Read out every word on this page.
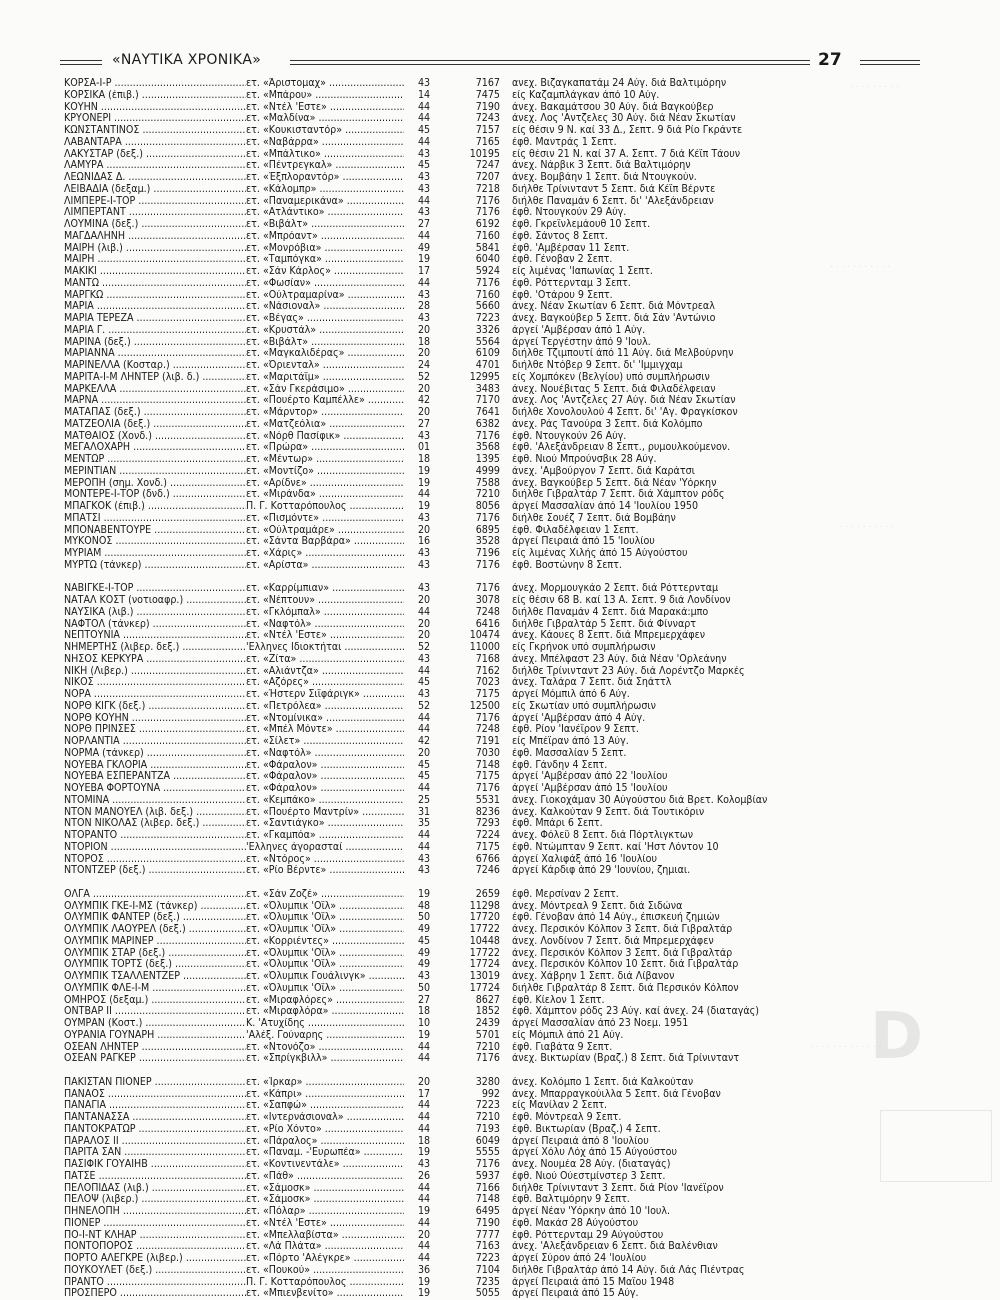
. . . . . . . . .
. . . . . . . . . . .
. . . . . . . . . .
D
. . . . . . . . . . . . .
«ΝΑΥΤΙΚΑ ΧΡΟΝΙΚΑ»	27
ΚΟΡΣΑ-Ι-Ρ .....	ετ. «Άριστομαχ» .....	43	7167 ανεχ. Βιζαγκαπατάμ 24 Αύγ. διά Βαλτιμόρην
ΚΟΡΣΙΚΑ (έπιβ.) .....	ετ. «Μπάρου» .....	14	7475 είς Καζαμπλάγκαν άπό 10 Αύγ.
ΚΟΥΗΝ .....	ετ. «Ντέλ 'Εστε» .....	44	7190 άνεχ. Βακαμάτσου 30 Αύγ. διά Βαγκούβερ
ΚΡΥΟΝΕΡΙ .....	ετ. «Μαλδίνα» .....	44	7243 άνεχ. Λος 'Αντζελες 30 Αύγ. διά Νέαν Σκωτίαν
ΚΩΝΣΤΑΝΤΙΝΟΣ .....	ετ. «Κουκισταντόρ» .....	45	7157 είς θέσιν 9 Ν. καί 33 Δ., Σεπτ. 9 διά Ρίο Γκράντε
ΛΑΒΑΝΤΑΡΑ .....	ετ. «Ναβάρρα» .....	44	7165 έφθ. Μαντράς 1 Σεπτ.
ΛΑΚΥΣΤΑΡ (δεξ.) .....	ετ. «Μπάλτικο» .....	43	10195 είς θέσιν 21 Ν. καί 37 Α. Σεπτ. 7 διά Κέϊπ Τάουν
ΛΑΜΥΡΑ .....	ετ. «Πέντρεγκαλ» .....	45	7247 άνεχ. Νάρβικ 3 Σεπτ. διά Βαλτιμόρην
ΛΕΩΝΙΔΑΣ Δ. .....	ετ. «Έξπλοραντόρ» .....	43	7207 άνεχ. Βομβάην 1 Σεπτ. διά Ντουγκούν.
ΛΕΙΒΑΔΙΑ (δεξαμ.) .....	ετ. «Κάλομπρ» .....	43	7218 διήλθε Τρίνινταντ 5 Σεπτ. διά Κέϊπ Βέρντε
ΛΙΜΠΕΡΕ-Ι-ΤΟΡ .....	ετ. «Παναμερικάνα» .....	44	7176 διήλθε Παναμάν 6 Σεπτ. δι' 'Αλεξάνδρειαν
ΛΙΜΠΕΡΤΑΝΤ .....	ετ. «Ατλάντικο» .....	43	7176 έφθ. Ντουγκούν 29 Αύγ.
ΛΟΥΜΙΝΑ (δεξ.) .....	ετ. «Βιβάλτ» .....	27	6192 έφθ. Γκρεϊνλεμάουθ 10 Σεπτ.
ΜΑΓΔΑΛΗΝΗ .....	ετ. «Μπρόαντ» .....	44	7160 έφθ. Σάντος 8 Σεπτ.
ΜΑΙΡΗ (λιβ.) .....	ετ. «Μονρόβια» .....	49	5841 έφθ. 'Αμβέρσαν 11 Σεπτ.
ΜΑΙΡΗ .....	ετ. «Ταμπόγκα» .....	19	6040 έφθ. Γένοβαν 2 Σεπτ.
ΜΑΚΙΚΙ .....	ετ. «Σάν Κάρλος» .....	17	5924 είς λιμένας 'Ιαπωνίας 1 Σεπτ.
ΜΑΝΤΩ .....	ετ. «Φωσίαν» .....	44	7176 έφθ. Ρόττερνταμ 3 Σεπτ.
ΜΑΡΓΚΩ .....	ετ. «Ούλτραμαρίνα» .....	43	7160 έφθ. 'Οτάρου 9 Σεπτ.
ΜΑΡΙΑ .....	ετ. «Νάσιοναλ» .....	28	5660 άνεχ. Νέαν Σκωτίαν 6 Σεπτ. διά Μόντρεαλ
ΜΑΡΙΑ ΤΕΡΕΖΑ .....	ετ. «Βέγας» .....	43	7223 άνεχ. Βαγκούβερ 5 Σεπτ. διά Σάν 'Αντώνιο
ΜΑΡΙΑ Γ. .....	ετ. «Κρυστάλ» .....	20	3326 άργεί 'Αμβέρσαν άπό 1 Αύγ.
ΜΑΡΙΝΑ (δεξ.) .....	ετ. «Βιβάλτ» .....	18	5564 άργεί Τεργέστην άπό 9 'Ιουλ.
ΜΑΡΙΑΝΝΑ .....	ετ. «Μαγκαλιδέρας» .....	20	6109 διήλθε Τζιμπουτί άπό 11 Αύγ. διά Μελβούρνην
ΜΑΡΙΝΕΛΛΑ (Κοσταρ.) .....	ετ. «Όριενταλ» .....	24	4701 διήλθε Ντόβερ 9 Σεπτ. δι' 'Ιμμιγχαμ
ΜΑΡΙΤΑ-Ι-Μ ΛΗΝΤΕΡ (λιβ. δ.) .....	ετ. «Μαριτάϊμ» .....	52	12995 είς Χομπόκεν (Βελγίου) υπό συμπλήρωσιν
ΜΑΡΚΕΛΛΑ .....	ετ. «Σάν Γκεράσιμο» .....	20	3483 άνεχ. Νουέβιτας 5 Σεπτ. διά Φιλαδέλφειαν
ΜΑΡΝΑ .....	ετ. «Πουέρτο Καμπέλλε» .....	42	7170 άνεχ. Λος 'Αντζελες 27 Αύγ. διά Νέαν Σκωτίαν
ΜΑΤΑΠΑΣ (δεξ.) .....	ετ. «Μάρντορ» .....	20	7641 διήλθε Χονολουλού 4 Σεπτ. δι' 'Αγ. Φραγκίσκον
ΜΑΤΖΕΟΛΙΑ (δεξ.) .....	ετ. «Ματζεόλια» .....	27	6382 άνεχ. Ράς Τανούρα 3 Σεπτ. διά Κολόμπο
ΜΑΤΘΑΙΟΣ (Χονδ.) .....	ετ. «Νόρθ Πασίφικ» .....	43	7176 έφθ. Ντουγκούν 26 Αύγ.
ΜΕΓΑΛΟΧΑΡΗ .....	ετ. «Πρώρα» .....	01	3568 έφθ. 'Αλεξάνδρειαν 8 Σεπτ., ρυμουλκούμενον.
ΜΕΝΤΩΡ .....	ετ. «Μέντωρ» .....	18	1395 έφθ. Νιού Μπρούνσβικ 28 Αύγ.
ΜΕΡΙΝΤΙΑΝ .....	ετ. «Μοντίζο» .....	19	4999 άνεχ. 'Αμβούργον 7 Σεπτ. διά Καράτσι
ΜΕΡΟΠΗ (σημ. Χονδ.) .....	ετ. «Αρίδνε» .....	19	7588 άνεχ. Βαγκούβερ 5 Σεπτ. διά Νέαν 'Υόρκην
ΜΟΝΤΕΡΕ-Ι-ΤΟΡ (δνδ.) .....	ετ. «Μιράνδα» .....	44	7210 διήλθε Γιβραλτάρ 7 Σεπτ. διά Χάμπτον ρόδς
ΜΠΑΓΚΟΚ (έπιβ.) .....	Π. Γ. Κοτταρόπουλος .....	19	8056 άργεί Μασσαλίαν άπό 14 'Ιουλίου 1950
ΜΠΑΤΣΙ .....	ετ. «Πισμόντε» .....	43	7176 διήλθε Σουέζ 7 Σεπτ. διά Βομβάην
ΜΠΟΝΑΒΕΝΤΟΥΡΕ .....	ετ. «Ούλτραμάρε» .....	20	6895 έφθ. Φιλαδέλφειαν 1 Σεπτ.
ΜΥΚΟΝΟΣ .....	ετ. «Σάντα Βαρβάρα» .....	16	3528 άργεί Πειραιά άπό 15 'Ιουλίου
ΜΥΡΙΑΜ .....	ετ. «Χάρις» .....	43	7196 είς λιμένας Χιλής άπό 15 Αύγούστου
ΜΥΡΤΩ (τάνκερ) .....	ετ. «Αρίστα» .....	43	7176 έφθ. Βοστώνην 8 Σεπτ.
ΝΑΒΙΓΚΕ-Ι-ΤΟΡ .....	ετ. «Καρρίμπιαν» .....	43	7176 άνεχ. Μορμουγκάο 2 Σεπτ. διά Ρόττερνταμ
ΝΑΤΑΛ ΚΟΣΤ (νοτιοαφρ.) .....	ετ. «Νέπτουν» .....	20	3078 είς θέσιν 68 Β. καί 13 Α. Σεπτ. 9 διά Λονδίνον
ΝΑΥΣΙΚΑ (λιβ.) .....	ετ. «Γκλόμπαλ» .....	44	7248 διήλθε Παναμάν 4 Σεπτ. διά Μαρακά:μπο
ΝΑΦΤΟΛ (τάνκερ) .....	ετ. «Ναφτόλ» .....	20	6416 διήλθε Γιβραλτάρ 5 Σεπτ. διά Φίνναρτ
ΝΕΠΤΟΥΝΙΑ .....	ετ. «Ντέλ 'Εστε» .....	20	10474 άνεχ. Κάουες 8 Σεπτ. διά Μπρεμερχάφεν
ΝΗΜΕΡΤΗΣ (λιβερ. δεξ.) .....	'Ελληνες Ιδιοκτήται .....	52	11000 είς Γκρήνοκ υπό συμπλήρωσιν
ΝΗΣΟΣ ΚΕΡΚΥΡΑ .....	ετ. «Ζίτα» .....	43	7168 άνεχ. Μπέλφαστ 23 Αύγ. διά Νέαν 'Ορλεάνην
ΝΙΚΗ (Λιβερ.) .....	ετ. «Αλιάντζα» .....	44	7162 διήλθε Τρίνινταντ 23 Αύγ. διά Λορέντζο Μαρκές
ΝΙΚΟΣ .....	ετ. «Αζόρες» .....	45	7023 άνεχ. Ταλάρα 7 Σεπτ. διά Σηάττλ
ΝΟΡΑ .....	ετ. «Ήστερν Σιϊφάριγκ» .....	43	7175 άργεί Μόμπιλ άπό 6 Αύγ.
ΝΟΡΘ ΚΙΓΚ (δεξ.) .....	ετ. «Πετρόλεα» .....	52	12500 είς Σκωτίαν υπό συμπλήρωσιν
ΝΟΡΘ ΚΟΥΗΝ .....	ετ. «Ντομίνικα» .....	44	7176 άργεί 'Αμβέρσαν άπό 4 Αύγ.
ΝΟΡΘ ΠΡΙΝΣΕΣ .....	ετ. «Μπέλ Μόντε» .....	44	7248 έφθ. Ρίον 'Ιανέϊρον 9 Σεπτ.
ΝΟΡΛΑΝΤΙΑ .....	ετ. «Σίλετ» .....	42	7191 είς Μπέϊραν άπό 13 Αύγ.
ΝΟΡΜΑ (τάνκερ) .....	ετ. «Ναφτόλ» .....	20	7030 έφθ. Μασσαλίαν 5 Σεπτ.
ΝΟΥΕΒΑ ΓΚΛΟΡΙΑ .....	ετ. «Φάραλον» .....	45	7148 έφθ. Γάνδην 4 Σεπτ.
ΝΟΥΕΒΑ ΕΣΠΕΡΑΝΤΖΑ .....	ετ. «Φάραλον» .....	45	7175 άργεί 'Αμβέρσαν άπό 22 'Ιουλίου
ΝΟΥΕΒΑ ΦΟΡΤΟΥΝΑ .....	ετ. «Φάραλον» .....	44	7176 άργεί 'Αμβέρσαν άπό 15 'Ιουλίου
ΝΤΟΜΙΝΑ .....	ετ. «Κεμπάκο» .....	25	5531 άνεχ. Γιοκοχάμαν 30 Αύγούστου διά Βρετ. Κολομβίαν
ΝΤΟΝ ΜΑΝΟΥΕΛ (λιβ. δεξ.) .....	ετ. «Πουέρτο Μαντρίν» .....	31	8236 άνεχ. Καλκούταν 9 Σεπτ. διά Τουτικόριν
ΝΤΟΝ ΝΙΚΟΛΑΣ (λιβερ. δεξ.) .....	ετ. «Σαντιάγκο» .....	35	7293 έφθ. Μπάρι 6 Σεπτ.
ΝΤΟΡΑΝΤΟ .....	ετ. «Γκαμπόα» .....	44	7224 άνεχ. Φόλεϋ 8 Σεπτ. διά Πόρτλιγκτων
ΝΤΟΡΙΟΝ .....	'Ελληνες άγορασταί .....	44	7175 έφθ. Ντώμπταν 9 Σεπτ. καί 'Ηστ Λόντον 10
ΝΤΟΡΟΣ .....	ετ. «Ντόρος» .....	43	6766 άργεί Χαλιφάξ άπό 16 'Ιουλίου
ΝΤΟΝΤΖΕΡ (δεξ.) .....	ετ. «Ρίο Βέρντε» .....	43	7246 άργεί Κάρδιφ άπό 29 'Ιουνίου, ζημιαι.
ΟΛΓΑ .....	ετ. «Σάν Ζοζέ» .....	19	2659 έφθ. Μερσίναν 2 Σεπτ.
ΟΛΥΜΠΙΚ ΓΚΕ-Ι-ΜΣ (τάνκερ) .....	ετ. «Όλυμπικ 'Οϊλ» .....	48	11298 άνεχ. Μόντρεαλ 9 Σεπτ. διά Σιδώνα
ΟΛΥΜΠΙΚ ΦΑΝΤΕΡ (δεξ.) .....	ετ. «Όλυμπικ 'Οϊλ» .....	50	17720 έφθ. Γένοβαν άπό 14 Αύγ., έπισκευή ζημιών
ΟΛΥΜΠΙΚ ΛΑΟΥΡΕΛ (δεξ.) .....	ετ. «Όλυμπικ 'Οϊλ» .....	49	17722 άνεχ. Περσικόν Κόλπον 3 Σεπτ. διά Γιβραλτάρ
ΟΛΥΜΠΙΚ ΜΑΡΙΝΕΡ .....	ετ. «Κορριέντες» .....	45	10448 άνεχ. Λονδίνον 7 Σεπτ. διά Μπρεμερχάφεν
ΟΛΥΜΠΙΚ ΣΤΑΡ (δεξ.) .....	ετ. «Όλυμπικ 'Οϊλ» .....	49	17722 άνεχ. Περσικόν Κόλπον 3 Σεπτ. διά Γιβραλτάρ
ΟΛΥΜΠΙΚ ΤΟΡΤΣ (δεξ.) .....	ετ. «Όλυμπικ 'Οϊλ» .....	49	17724 άνεχ. Περσικόν Κόλπον 10 Σεπτ. διά Γιβραλτάρ
ΟΛΥΜΠΙΚ ΤΣΑΛΛΕΝΤΖΕΡ .....	ετ. «Όλυμπικ Γουάλινγκ» .....	43	13019 άνεχ. Χάβρην 1 Σεπτ. διά Λίβανον
ΟΛΥΜΠΙΚ ΦΛΕ-Ι-Μ .....	ετ. «Όλυμπικ 'Οϊλ» .....	50	17724 διήλθε Γιβραλτάρ 8 Σεπτ. διά Περσικόν Κόλπον
ΟΜΗΡΟΣ (δεξαμ.) .....	ετ. «Μιραφλόρες» .....	27	8627 έφθ. Κίελον 1 Σεπτ.
ΟΝΤΒΑΡ ΙΙ .....	ετ. «Μιραφλόρα» .....	18	1852 έφθ. Χάμπτον ρόδς 23 Αύγ. καί άνεχ. 24 (διαταγάς)
ΟΥΜΡΑΝ (Κοστ.) .....	Κ. 'Ατυχίδης .....	10	2439 άργεί Μασσαλίαν άπό 23 Νοεμ. 1951
ΟΥΡΑΝΙΑ ΓΟΥΝΑΡΗ .....	'Αλέξ. Γούναρης .....	19	5701 είς Μόμπιλ άπό 21 Αύγ.
ΟΣΕΑΝ ΛΗΝΤΕΡ .....	ετ. «Ντονόζο» .....	44	7210 έφθ. Γιαβάτα 9 Σεπτ.
ΟΣΕΑΝ ΡΑΓΚΕΡ .....	ετ. «Σπρίγκβιλλ» .....	44	7176 άνεχ. Βικτωρίαν (Βραζ.) 8 Σεπτ. διά Τρίνινταντ
ΠΑΚΙΣΤΑΝ ΠΙΟΝΕΡ .....	ετ. «Ίρκαρ» .....	20	3280 άνεχ. Κολόμπο 1 Σεπτ. διά Καλκούταν
ΠΑΝΑΟΣ .....	ετ. «Κάπρι» .....	17	992 άνεχ. Μπαρραγκούιλλα 5 Σεπτ. διά Γένοβαν
ΠΑΝΑΓΙΑ .....	ετ. «Σαπφώ» .....	44	7223 είς Μανίλαν 2 Σεπτ.
ΠΑΝΤΑΝΑΣΣΑ .....	ετ. «Ιντερνάσιοναλ» .....	44	7210 έφθ. Μόντρεαλ 9 Σεπτ.
ΠΑΝΤΟΚΡΑΤΩΡ .....	ετ. «Ρίο Χόντο» .....	44	7193 έφθ. Βικτωρίαν (Βραζ.) 4 Σεπτ.
ΠΑΡΑΛΟΣ ΙΙ .....	ετ. «Πάραλος» .....	18	6049 άργεί Πειραιά άπό 8 'Ιουλίου
ΠΑΡΙΤΑ ΣΑΝ .....	ετ. «Παναμ. -'Ευρωπέα» .....	19	5555 άργεί Χόλυ Λόχ άπό 15 Αύγούστου
ΠΑΣΙΦΙΚ ΓΟΥΑΙΗΒ .....	ετ. «Κοντινεντάλε» .....	43	7176 άνεχ. Νουμέα 28 Αύγ. (διαταγάς)
ΠΑΤΣΕ .....	ετ. «Πάθ» .....	26	5937 έφθ. Νιού Ούεστμίνστερ 3 Σεπτ.
ΠΕΛΟΠΙΔΑΣ (λιβ.) .....	ετ. «Σάμοσκ» .....	44	7166 διήλθε Τρίνινταντ 3 Σεπτ. διά Ρίον 'Ιανέϊρον
ΠΕΛΟΨ (λιβερ.) .....	ετ. «Σάμοσκ» .....	44	7148 έφθ. Βαλτιμόρην 9 Σεπτ.
ΠΗΝΕΛΟΠΗ .....	ετ. «Πόλαρ» .....	19	6495 άργεί Νέαν 'Υόρκην άπό 10 'Ιουλ.
ΠΙΟΝΕΡ .....	ετ. «Ντέλ 'Εστε» .....	44	7190 έφθ. Μακάσ 28 Αύγούστου
ΠΟ-Ι-ΝΤ ΚΛΗΑΡ .....	ετ. «Μπελλαβίστα» .....	20	7777 έφθ. Ρόττερνταμ 29 Αύγούστου
ΠΟΝΤΟΠΟΡΟΣ .....	ετ. «Λά Πλάτα» .....	44	7163 άνεχ. 'Αλεξάνδρειαν 6 Σεπτ. διά Βαλένθιαν
ΠΟΡΤΟ ΑΛΕΓΚΡΕ (λιβερ.) .....	ετ. «Πόρτο 'Αλέγκρε» .....	44	7223 άργεί Σύρον άπό 24 'Ιουλίου
ΠΟΥΚΟΥΛΕΤ (δεξ.) .....	ετ. «Πουκού» .....	36	7104 διήλθε Γιβραλτάρ άπό 14 Αύγ. διά Λάς Πιέντρας
ΠΡΑΝΤΟ .....	Π. Γ. Κοτταρόπουλος .....	19	7235 άργεί Πειραιά άπό 15 Μαΐου 1948
ΠΡΟΣΠΕΡΟ .....	ετ. «Μπιενβενίτο» .....	19	5055 άργεί Πειραιά άπό 15 Αύγ.
